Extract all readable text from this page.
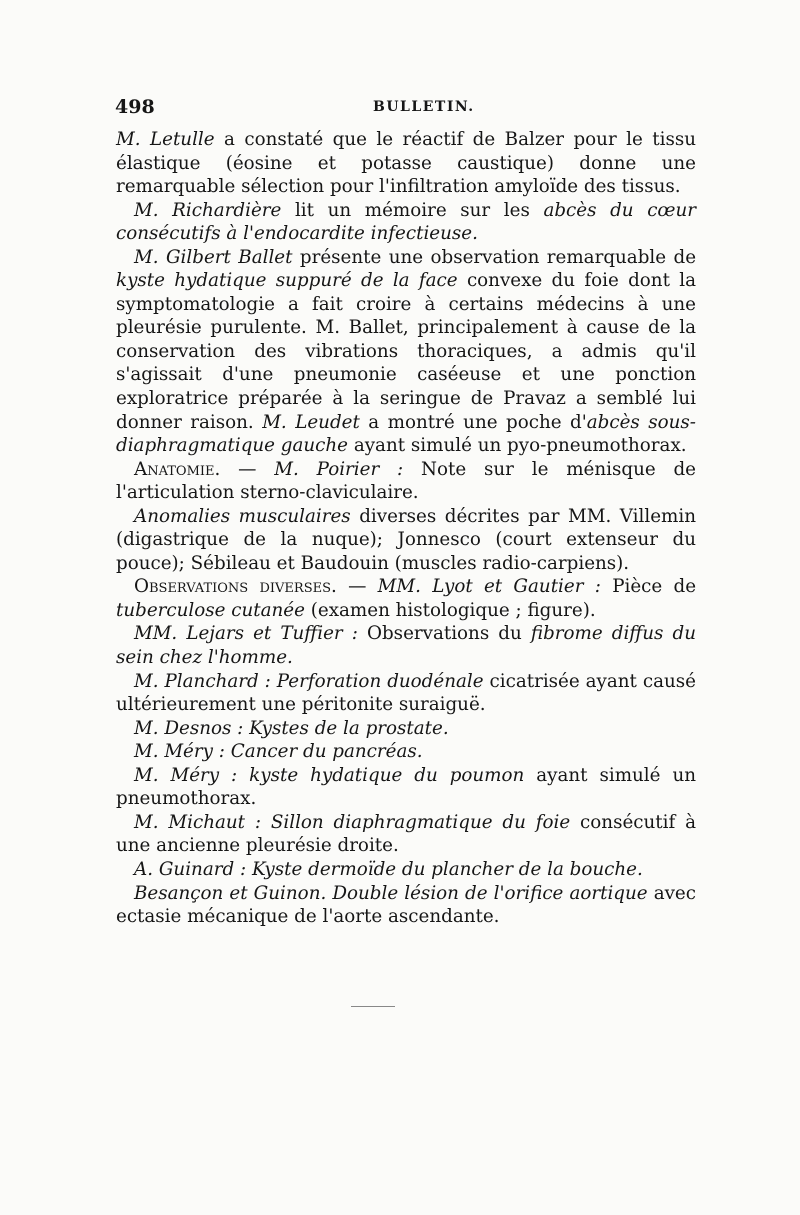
498	BULLETIN.

M. Letulle a constaté que le réactif de Balzer pour le tissu élastique (éosine et potasse caustique) donne une remarquable sélection pour l'infiltration amyloïde des tissus.

M. Richardière lit un mémoire sur les abcès du cœur consécutifs à l'endocardite infectieuse.

M. Gilbert Ballet présente une observation remarquable de kyste hydatique suppuré de la face convexe du foie dont la symptomatologie a fait croire à certains médecins à une pleurésie purulente. M. Ballet, principalement à cause de la conservation des vibrations thoraciques, a admis qu'il s'agissait d'une pneumonie caséeuse et une ponction exploratrice préparée à la seringue de Pravaz a semblé lui donner raison. M. Leudet a montré une poche d'abcès sous-diaphragmatique gauche ayant simulé un pyo-pneumothorax.

Anatomie. — M. Poirier : Note sur le ménisque de l'articulation sterno-claviculaire.

Anomalies musculaires diverses décrites par MM. Villemin (digastrique de la nuque); Jonnesco (court extenseur du pouce); Sébileau et Baudouin (muscles radio-carpiens).

Observations diverses. — MM. Lyot et Gautier : Pièce de tuberculose cutanée (examen histologique ; figure).

MM. Lejars et Tuffier : Observations du fibrome diffus du sein chez l'homme.

M. Planchard : Perforation duodénale cicatrisée ayant causé ultérieurement une péritonite suraiguë.

M. Desnos : Kystes de la prostate.

M. Méry : Cancer du pancréas.

M. Méry : kyste hydatique du poumon ayant simulé un pneumothorax.

M. Michaut : Sillon diaphragmatique du foie consécutif à une ancienne pleurésie droite.

A. Guinard : Kyste dermoïde du plancher de la bouche.

Besançon et Guinon. Double lésion de l'orifice aortique avec ectasie mécanique de l'aorte ascendante.
